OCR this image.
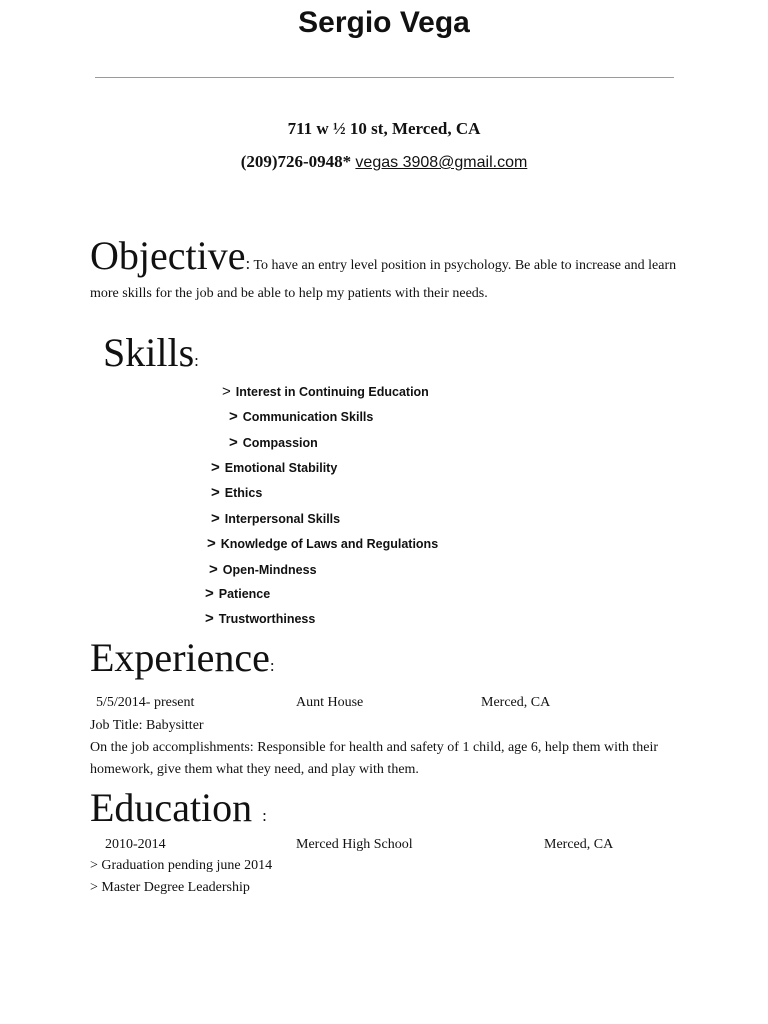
Sergio Vega
711 w ½ 10 st, Merced, CA
(209)726-0948* vegas 3908@gmail.com
Objective: To have an entry level position in psychology. Be able to increase and learn
more skills for the job and be able to help my patients with their needs.
Skills:
> Interest in Continuing Education
> Communication Skills
> Compassion
> Emotional Stability
> Ethics
> Interpersonal Skills
> Knowledge of Laws and Regulations
> Open-Mindness
> Patience
> Trustworthiness
Experience:
5/5/2014- present	Aunt House	Merced, CA
Job Title: Babysitter
On the job accomplishments: Responsible for health and safety of 1 child, age 6, help them with their
homework, give them what they need, and play with them.
Education :
2010-2014	Merced High School	Merced, CA
> Graduation pending june 2014
> Master Degree Leadership
